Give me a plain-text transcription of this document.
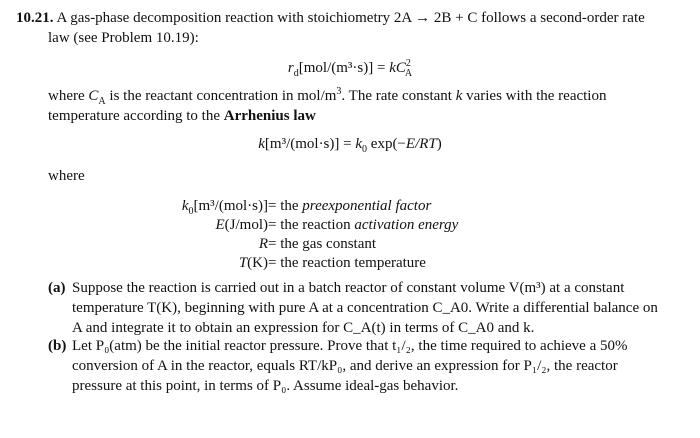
10.21. A gas-phase decomposition reaction with stoichiometry 2A → 2B + C follows a second-order rate
law (see Problem 10.19):
$r_d[mol/(m^3\cdot s)] = kC^2_A$
where $C_A$ is the reactant concentration in mol/$m^3$. The rate constant k varies with the reaction
temperature according to the Arrhenius law
$k[m^3/(mol\cdot s)] = k_0$ exp(−E/RT)
where
$k_0[m^3/(mol\cdot s)]$ = the preexponential factor
E(J/mol) = the reaction activation energy
R = the gas constant
T(K) = the reaction temperature
(a) Suppose the reaction is carried out in a batch reactor of constant volume V(m³) at a constant
temperature T(K), beginning with pure A at a concentration C_A0. Write a differential balance on
A and integrate it to obtain an expression for C_A(t) in terms of C_A0 and k.
(b) Let P₀(atm) be the initial reactor pressure. Prove that t₁/₂, the time required to achieve a 50%
conversion of A in the reactor, equals RT/kP₀, and derive an expression for P₁/₂, the reactor
pressure at this point, in terms of P₀. Assume ideal-gas behavior.
